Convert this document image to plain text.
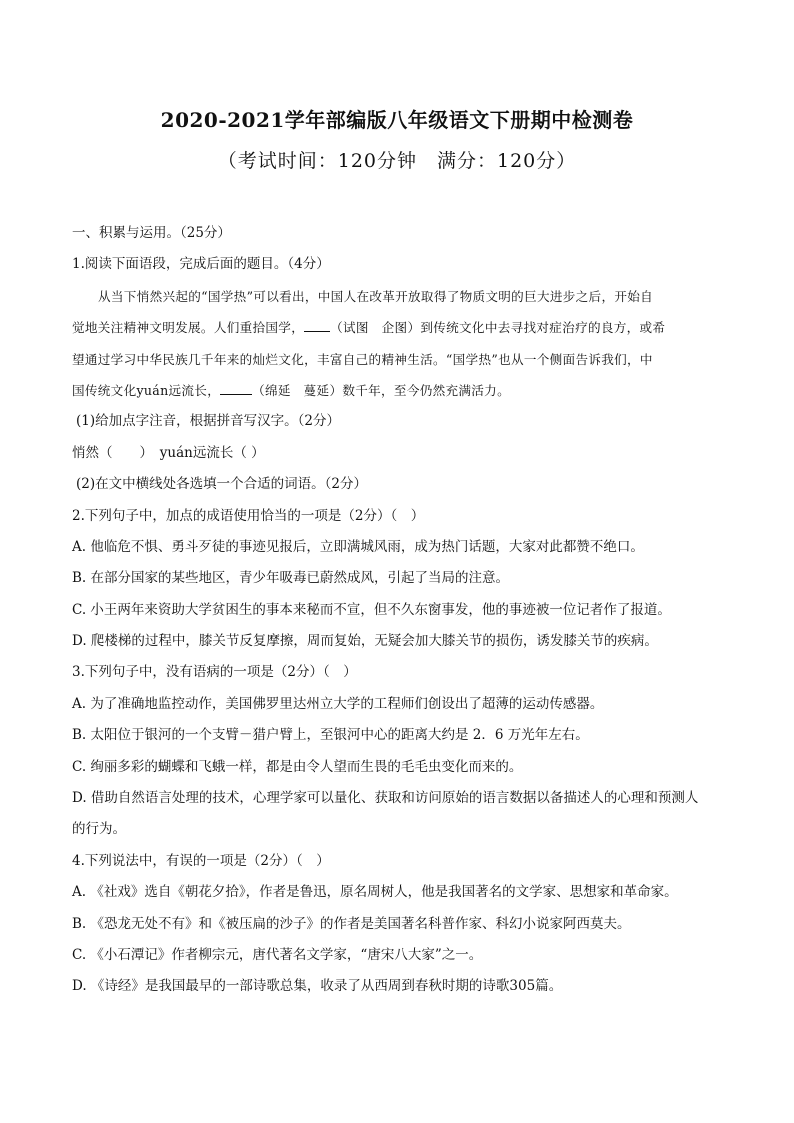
2020-2021学年部编版八年级语文下册期中检测卷
（考试时间：120分钟　满分：120分）
一、积累与运用。（25分）
1.阅读下面语段，完成后面的题目。（4分）
从当下悄然兴起的“国学热”可以看出，中国人在改革开放取得了物质文明的巨大进步之后，开始自
觉地关注精神文明发展。人们重拾国学， （试图　企图）到传统文化中去寻找对症治疗的良方，或希
望通过学习中华民族几千年来的灿烂文化，丰富自己的精神生活。“国学热”也从一个侧面告诉我们，中
国传统文化yuán远流长，	（绵延　蔓延）数千年，至今仍然充满活力。
(1)给加点字注音，根据拼音写汉字。（2分）
悄然（　　）　yuán远流长（ ）
(2)在文中横线处各选填一个合适的词语。（2分）
2.下列句子中，加点的成语使用恰当的一项是（2分）（　）
A. 他临危不惧、勇斗歹徒的事迹见报后，立即满城风雨，成为热门话题，大家对此都赞不绝口。
B. 在部分国家的某些地区，青少年吸毒已蔚然成风，引起了当局的注意。
C. 小王两年来资助大学贫困生的事本来秘而不宣，但不久东窗事发，他的事迹被一位记者作了报道。
D. 爬楼梯的过程中，膝关节反复摩擦，周而复始，无疑会加大膝关节的损伤，诱发膝关节的疾病。
3.下列句子中，没有语病的一项是（2分）（　）
A. 为了准确地监控动作，美国佛罗里达州立大学的工程师们创设出了超薄的运动传感器。
B. 太阳位于银河的一个支臂－猎户臂上，至银河中心的距离大约是 2．6 万光年左右。
C. 绚丽多彩的蝴蝶和飞蛾一样，都是由令人望而生畏的毛毛虫变化而来的。
D. 借助自然语言处理的技术，心理学家可以量化、获取和访问原始的语言数据以备描述人的心理和预测人
的行为。
4.下列说法中，有误的一项是（2分）（　）
A. 《社戏》选自《朝花夕拾》，作者是鲁迅，原名周树人，他是我国著名的文学家、思想家和革命家。
B. 《恐龙无处不有》和《被压扁的沙子》的作者是美国著名科普作家、科幻小说家阿西莫夫。
C. 《小石潭记》作者柳宗元，唐代著名文学家，“唐宋八大家”之一。
D. 《诗经》是我国最早的一部诗歌总集，收录了从西周到春秋时期的诗歌305篇。
